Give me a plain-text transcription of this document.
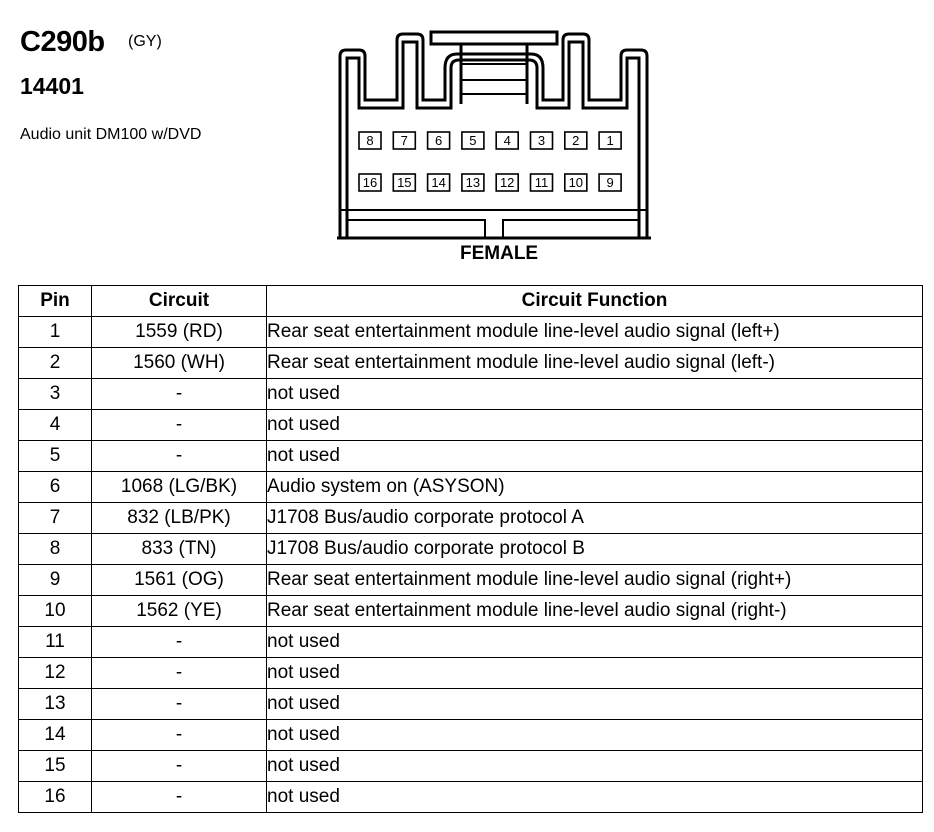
C290b (GY)
14401
Audio unit DM100 w/DVD	8 7 6 5 4 3 2 1
16 15 14 13 12 11 10 9
FEMALE
Pin	Circuit	Circuit Function
1	1559 (RD)	Rear seat entertainment module line-level audio signal (left+)
2	1560 (WH)	Rear seat entertainment module line-level audio signal (left-)
3	-	not used
4	-	not used
5	-	not used
6	1068 (LG/BK)	Audio system on (ASYSON)
7	832 (LB/PK)	J1708 Bus/audio corporate protocol A
8	833 (TN)	J1708 Bus/audio corporate protocol B
9	1561 (OG)	Rear seat entertainment module line-level audio signal (right+)
10	1562 (YE)	Rear seat entertainment module line-level audio signal (right-)
11	-	not used
12	-	not used
13	-	not used
14	-	not used
15	-	not used
16	-	not used
